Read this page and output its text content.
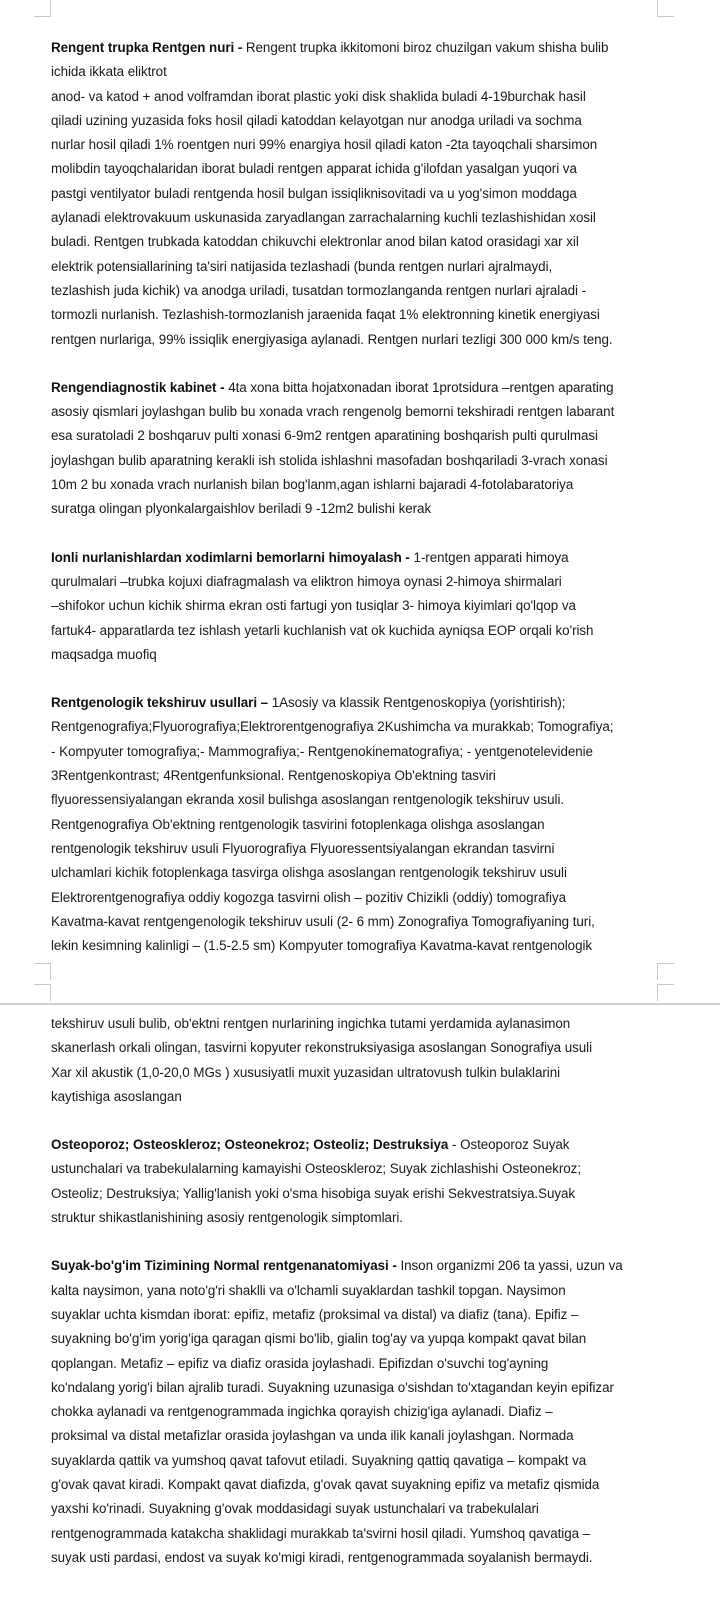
Rengent trupka Rentgen nuri - Rengent trupka ikkitomoni biroz chuzilgan vakum shisha bulib
ichida ikkata eliktrot
anod- va katod + anod volframdan iborat plastic yoki disk shaklida buladi 4-19burchak hasil
qiladi uzining yuzasida foks hosil qiladi katoddan kelayotgan nur anodga uriladi va sochma
nurlar hosil qiladi 1% roentgen nuri 99% enargiya hosil qiladi katon -2ta tayoqchali sharsimon
molibdin tayoqchalaridan iborat buladi rentgen apparat ichida g'ilofdan yasalgan yuqori va
pastgi ventilyator buladi rentgenda hosil bulgan issiqliknisovitadi va u yog'simon moddaga
aylanadi elektrovakuum uskunasida zaryadlangan zarrachalarning kuchli tezlashishidan xosil
buladi. Rentgen trubkada katoddan chikuvchi elektronlar anod bilan katod orasidagi xar xil
elektrik potensiallarining ta'siri natijasida tezlashadi (bunda rentgen nurlari ajralmaydi,
tezlashish juda kichik) va anodga uriladi, tusatdan tormozlanganda rentgen nurlari ajraladi -
tormozli nurlanish. Tezlashish-tormozlanish jaraenida faqat 1% elektronning kinetik energiyasi
rentgen nurlariga, 99% issiqlik energiyasiga aylanadi. Rentgen nurlari tezligi 300 000 km/s teng.

Rengendiagnostik kabinet - 4ta xona bitta hojatxonadan iborat 1protsidura –rentgen aparating
asosiy qismlari joylashgan bulib bu xonada vrach rengenolg bemorni tekshiradi rentgen labarant
esa suratoladi 2 boshqaruv pulti xonasi 6-9m2 rentgen aparatining boshqarish pulti qurulmasi
joylashgan bulib aparatning kerakli ish stolida ishlashni masofadan boshqariladi 3-vrach xonasi
10m 2 bu xonada vrach nurlanish bilan bog'lanm,agan ishlarni bajaradi 4-fotolabaratoriya
suratga olingan plyonkalargaishlov beriladi 9 -12m2 bulishi kerak

Ionli nurlanishlardan xodimlarni bemorlarni himoyalash - 1-rentgen apparati himoya
qurulmalari –trubka kojuxi diafragmalash va eliktron himoya oynasi 2-himoya shirmalari
–shifokor uchun kichik shirma ekran osti fartugi yon tusiqlar 3- himoya kiyimlari qo'lqop va
fartuk4- apparatlarda tez ishlash yetarli kuchlanish vat ok kuchida ayniqsa EOP orqali ko'rish
maqsadga muofiq

Rentgenologik tekshiruv usullari – 1Asosiy va klassik Rentgenoskopiya (yorishtirish);
Rentgenografiya;Flyuorografiya;Elektrorentgenografiya 2Kushimcha va murakkab; Tomografiya;
- Kompyuter tomografiya;- Mammografiya;- Rentgenokinematografiya; - yentgenotelevidenie
3Rentgenkontrast; 4Rentgenfunksional. Rentgenoskopiya Ob'ektning tasviri
flyuoressensiyalangan ekranda xosil bulishga asoslangan rentgenologik tekshiruv usuli.
Rentgenografiya Ob'ektning rentgenologik tasvirini fotoplenkaga olishga asoslangan
rentgenologik tekshiruv usuli Flyuorografiya Flyuoressentsiyalangan ekrandan tasvirni
ulchamlari kichik fotoplenkaga tasvirga olishga asoslangan rentgenologik tekshiruv usuli
Elektrorentgenografiya oddiy kogozga tasvirni olish – pozitiv Chizikli (oddiy) tomografiya
Kavatma-kavat rentgengenologik tekshiruv usuli (2- 6 mm) Zonografiya Tomografiyaning turi,
lekin kesimning kalinligi – (1.5-2.5 sm) Kompyuter tomografiya Kavatma-kavat rentgenologik

tekshiruv usuli bulib, ob'ektni rentgen nurlarining ingichka tutami yerdamida aylanasimon
skanerlash orkali olingan, tasvirni kopyuter rekonstruksiyasiga asoslangan Sonografiya usuli
Xar xil akustik (1,0-20,0 MGs ) xususiyatli muxit yuzasidan ultratovush tulkin bulaklarini
kaytishiga asoslangan

Osteoporoz; Osteoskleroz; Osteonekroz; Osteoliz; Destruksiya - Osteoporoz Suyak
ustunchalari va trabekulalarning kamayishi Osteoskleroz; Suyak zichlashishi Osteonekroz;
Osteoliz; Destruksiya; Yallig'lanish yoki o'sma hisobiga suyak erishi Sekvestratsiya.Suyak
struktur shikastlanishining asosiy rentgenologik simptomlari.

Suyak-bo'g'im Tizimining Normal rentgenanatomiyasi - Inson organizmi 206 ta yassi, uzun va
kalta naysimon, yana noto'g'ri shaklli va o'lchamli suyaklardan tashkil topgan. Naysimon
suyaklar uchta kismdan iborat: epifiz, metafiz (proksimal va distal) va diafiz (tana). Epifiz –
suyakning bo'g'im yorig'iga qaragan qismi bo'lib, gialin tog'ay va yupqa kompakt qavat bilan
qoplangan. Metafiz – epifiz va diafiz orasida joylashadi. Epifizdan o'suvchi tog'ayning
ko'ndalang yorig'i bilan ajralib turadi. Suyakning uzunasiga o'sishdan to'xtagandan keyin epifizar
chokka aylanadi va rentgenogrammada ingichka qorayish chizig'iga aylanadi. Diafiz –
proksimal va distal metafizlar orasida joylashgan va unda ilik kanali joylashgan. Normada
suyaklarda qattik va yumshoq qavat tafovut etiladi. Suyakning qattiq qavatiga – kompakt va
g'ovak qavat kiradi. Kompakt qavat diafizda, g'ovak qavat suyakning epifiz va metafiz qismida
yaxshi ko'rinadi. Suyakning g'ovak moddasidagi suyak ustunchalari va trabekulalari
rentgenogrammada katakcha shaklidagi murakkab ta'svirni hosil qiladi. Yumshoq qavatiga –
suyak usti pardasi, endost va suyak ko'migi kiradi, rentgenogrammada soyalanish bermaydi.
